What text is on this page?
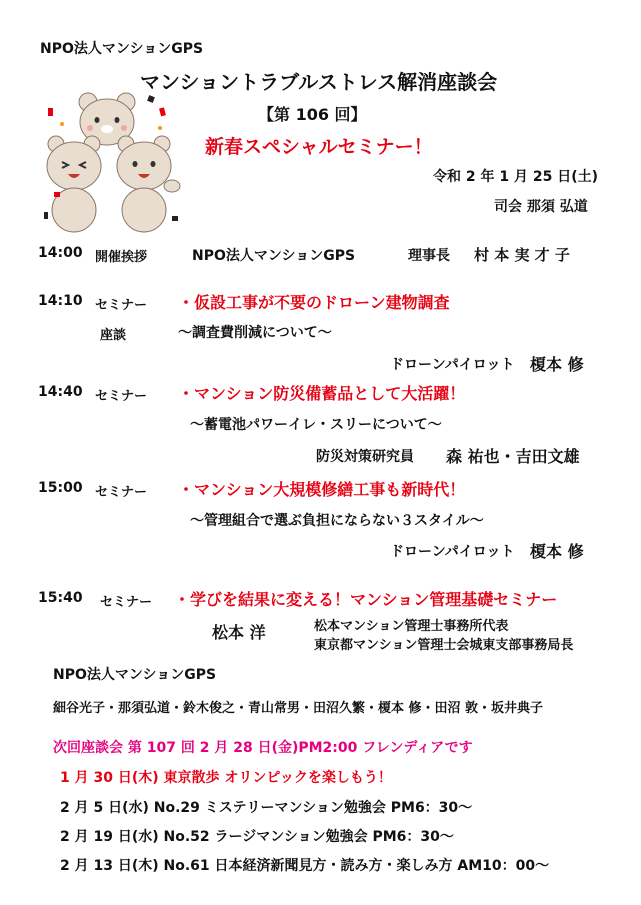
NPO法人マンションGPS
マンショントラブルストレス解消座談会
【第 106 回】
新春スペシャルセミナー！
令和 2 年 1 月 25 日(土)
司会 那須 弘道
14:00 開催挨拶	NPO法人マンションGPS	理事長 村 本 実 才 子
14:10 セミナー ・仮設工事が不要のドローン建物調査
座談	～調査費削減について～
ドローンパイロット 榎本 修
14:40 セミナー ・マンション防災備蓄品として大活躍！
～蓄電池パワーイレ・スリーについて～
防災対策研究員 森 祐也・吉田文雄
15:00 セミナー ・マンション大規模修繕工事も新時代！
～管理組合で選ぶ負担にならない３スタイル～
ドローンパイロット 榎本 修
15:40 セミナー ・学びを結果に変える！マンション管理基礎セミナー
松本 洋	松本マンション管理士事務所代表
東京都マンション管理士会城東支部事務局長
NPO法人マンションGPS
細谷光子・那須弘道・鈴木俊之・青山常男・田沼久繁・榎本 修・田沼 敦・坂井典子
次回座談会 第 107 回 2 月 28 日(金)PM2:00 フレンディアです
1 月 30 日(木) 東京散歩 オリンピックを楽しもう！
2 月 5 日(水) No.29 ミステリーマンション勉強会 PM6：30～
2 月 19 日(水) No.52 ラージマンション勉強会 PM6：30～
2 月 13 日(木) No.61 日本経済新聞見方・読み方・楽しみ方 AM10：00～
